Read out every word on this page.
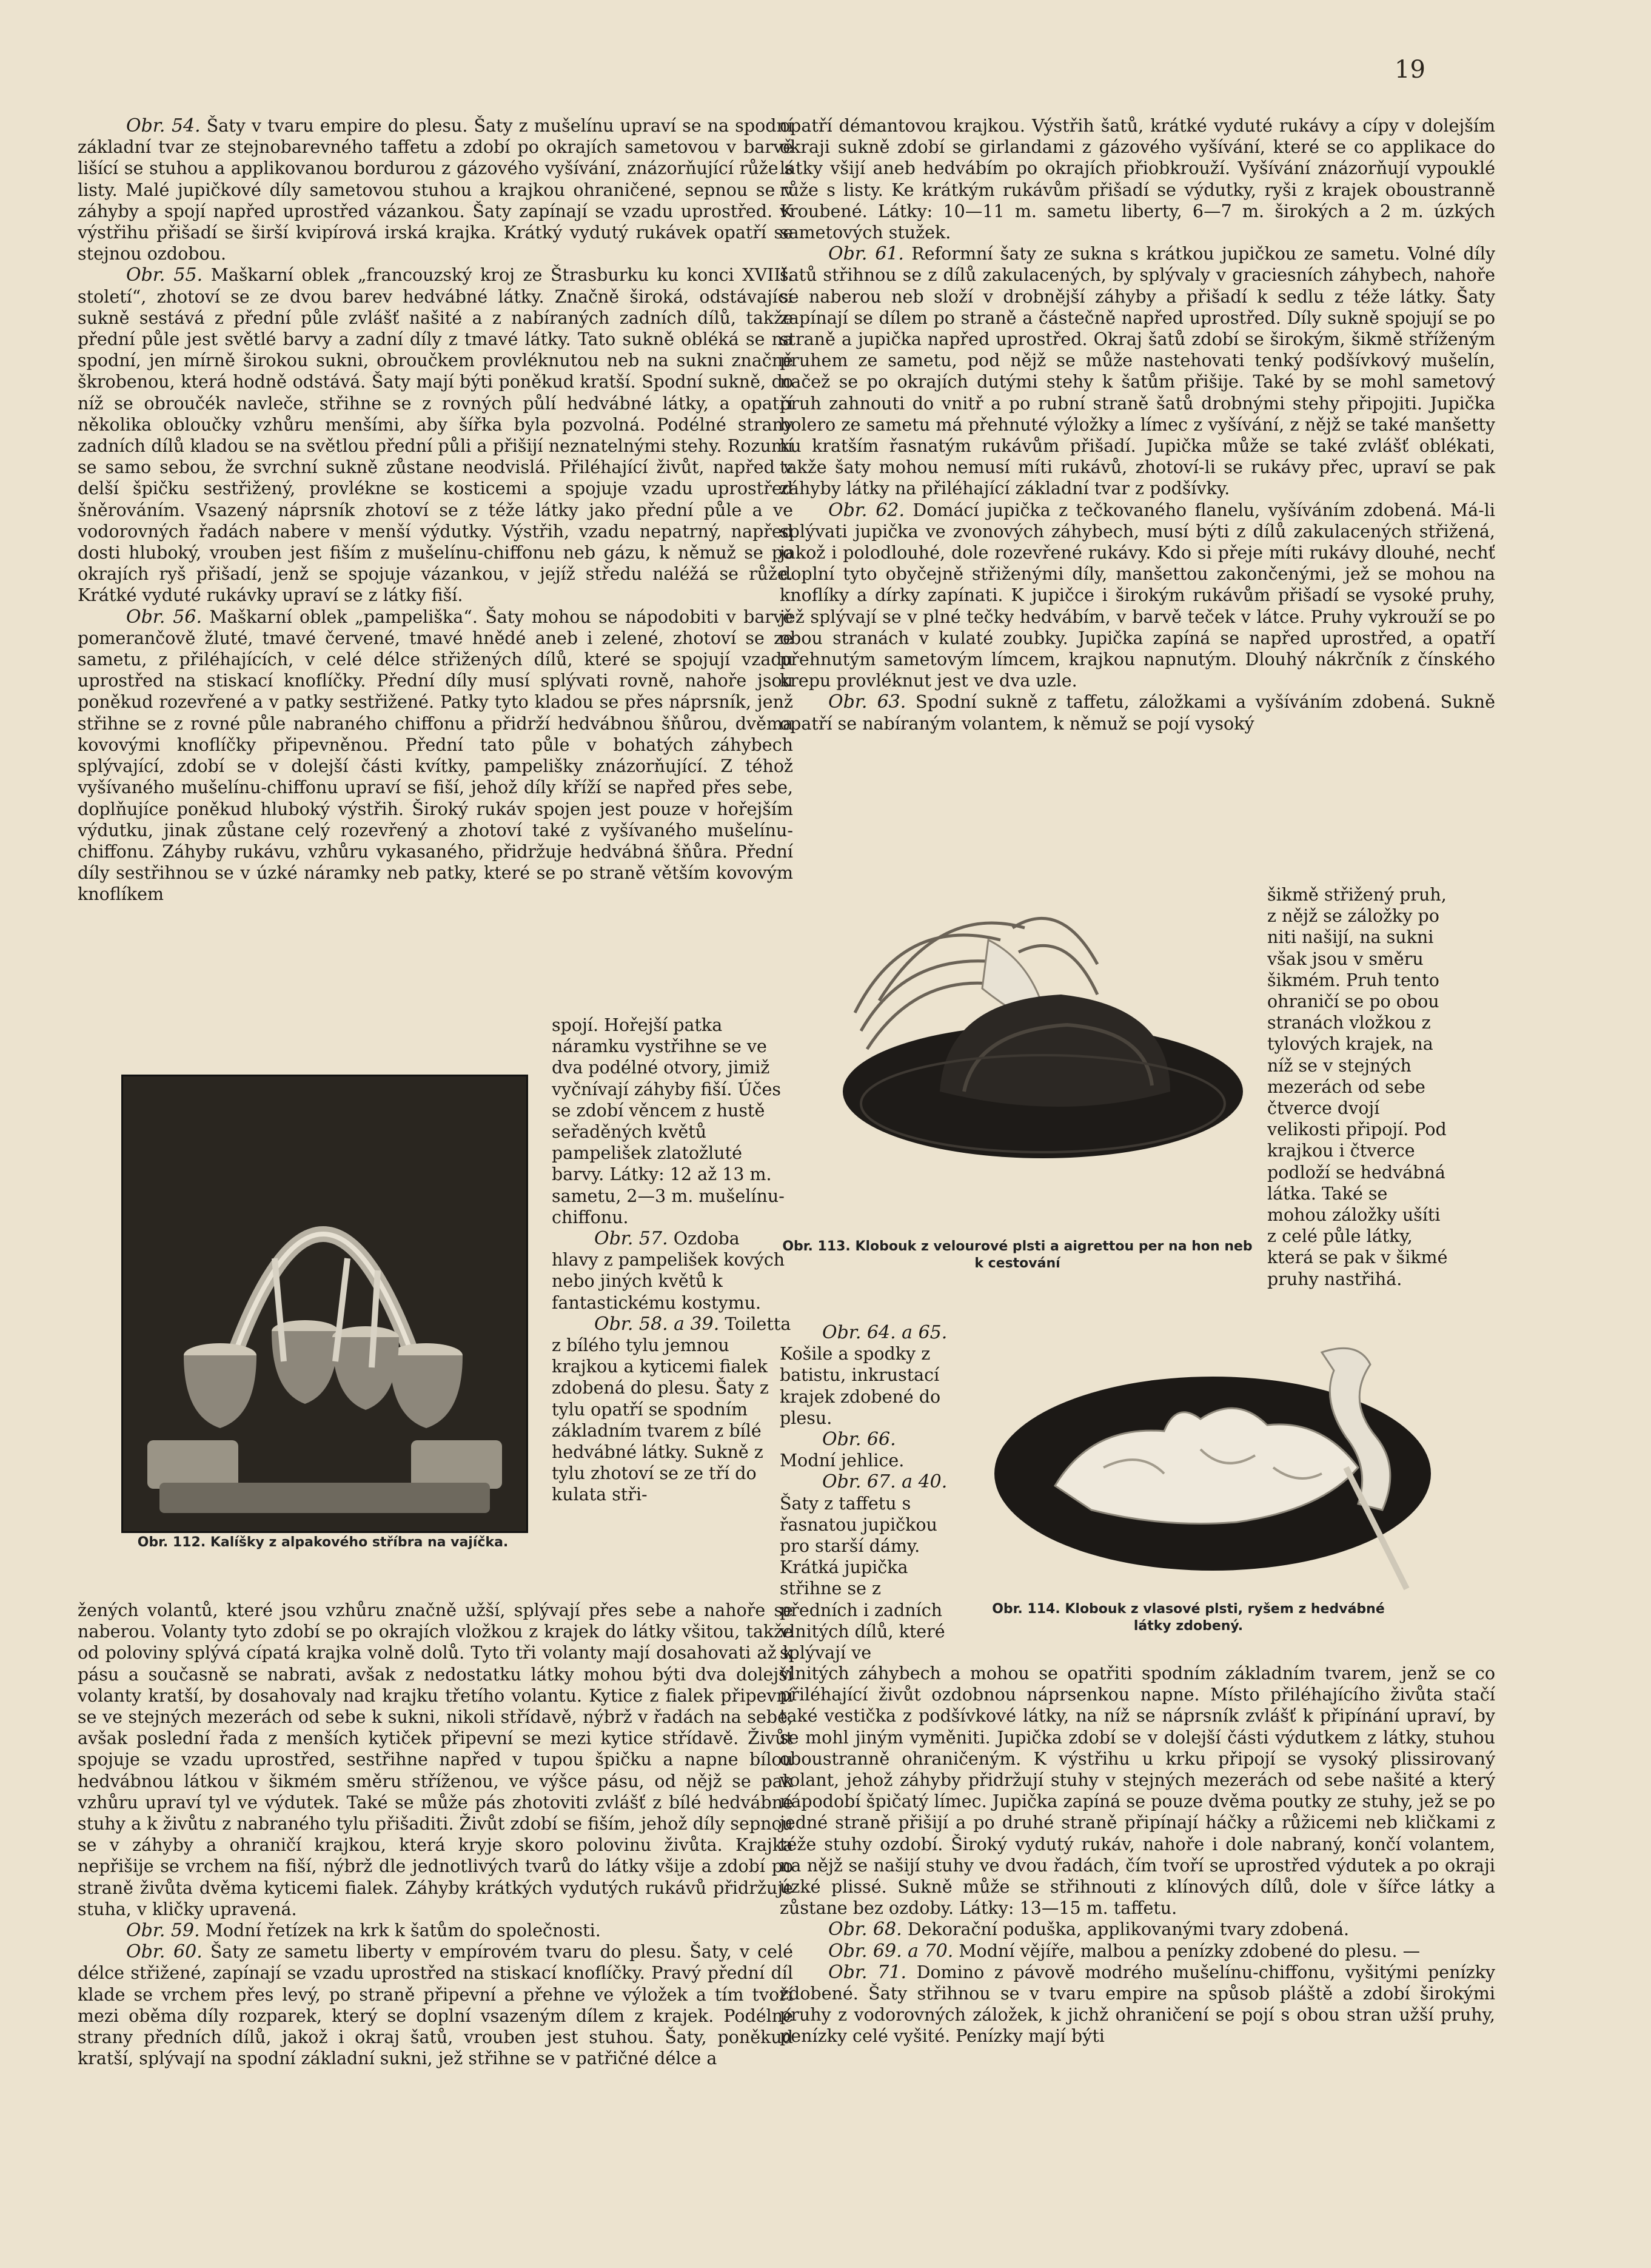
19

Obr. 54. Šaty v tvaru empire do plesu. Šaty z mušelínu upraví se na spodní základní tvar ze stejnobarevného taffetu a zdobí po okrajích sametovou v barvě lišící se stuhou a applikovanou bordurou z gázového vyšívání, znázorňující růže s listy. Malé jupičkové díly sametovou stuhou a krajkou ohraničené, sepnou se v záhyby a spojí napřed uprostřed vázankou. Šaty zapínají se vzadu uprostřed. K výstřihu přišadí se širší kvipírová irská krajka. Krátký vydutý rukávek opatří se stejnou ozdobou.

Obr. 55. Maškarní oblek „francouzský kroj ze Štrasburku ku konci XVIII. století“, zhotoví se ze dvou barev hedvábné látky. Značně široká, odstávající sukně sestává z přední půle zvlášť našité a z nabíraných zadních dílů, takže přední půle jest světlé barvy a zadní díly z tmavé látky. Tato sukně obléká se na spodní, jen mírně širokou sukni, obroučkem provléknutou neb na sukni značně škrobenou, která hodně odstává. Šaty mají býti poněkud kratší. Spodní sukně, do níž se obroučék navleče, střihne se z rovných půlí hedvábné látky, a opatří několika obloučky vzhůru menšími, aby šířka byla pozvolná. Podélné strany zadních dílů kladou se na světlou přední půli a přišijí neznatelnými stehy. Rozumí se samo sebou, že svrchní sukně zůstane neodvislá. Přiléhající živůt, napřed v delší špičku sestřižený, provlékne se kosticemi a spojuje vzadu uprostřed šněrováním. Vsazený náprsník zhotoví se z téže látky jako přední půle a ve vodorovných řadách nabere v menší výdutky. Výstřih, vzadu nepatrný, napřed dosti hluboký, vrouben jest fiším z mušelínu-chiffonu neb gázu, k němuž se po okrajích ryš přišadí, jenž se spojuje vázankou, v jejíž středu naléžá se růže. Krátké vyduté rukávky upraví se z látky fiší.

Obr. 56. Maškarní oblek „pampeliška“. Šaty mohou se nápodobiti v barvě pomerančově žluté, tmavé červené, tmavé hnědé aneb i zelené, zhotoví se ze sametu, z přiléhajících, v celé délce střižených dílů, které se spojují vzadu uprostřed na stiskací knoflíčky. Přední díly musí splývati rovně, nahoře jsou poněkud rozevřené a v patky sestřižené. Patky tyto kladou se přes náprsník, jenž střihne se z rovné půle nabraného chiffonu a přidrží hedvábnou šňůrou, dvěma kovovými knoflíčky připevněnou. Přední tato půle v bohatých záhybech splývající, zdobí se v dolejší části kvítky, pampelišky znázorňující. Z téhož vyšívaného mušelínu-chiffonu upraví se fiší, jehož díly kříží se napřed přes sebe, doplňujíce poněkud hluboký výstřih. Široký rukáv spojen jest pouze v hořejším výdutku, jinak zůstane celý rozevřený a zhotoví také z vyšívaného mušelínu-chiffonu. Záhyby rukávu, vzhůru vykasaného, přidržuje hedvábná šňůra. Přední díly sestřihnou se v úzké náramky neb patky, které se po straně větším kovovým knoflíkem

Obr. 112. Kalíšky z alpakového stříbra na vajíčka.

spojí. Hořejší patka náramku vystřihne se ve dva podélné otvory, jimiž vyčnívají záhyby fiší. Účes se zdobí věncem z hustě seřaděných květů pampelišek zlatožluté barvy. Látky: 12 až 13 m. sametu, 2—3 m. mušelínu-chiffonu.

Obr. 57. Ozdoba hlavy z pampelišek kových nebo jiných květů k fantastickému kostymu.

Obr. 58. a 39. Toiletta z bílého tylu jemnou krajkou a kyticemi fialek zdobená do plesu. Šaty z tylu opatří se spodním základním tvarem z bílé hedvábné látky. Sukně z tylu zhotoví se ze tří do kulata stři-

žených volantů, které jsou vzhůru značně užší, splývají přes sebe a nahoře se naberou. Volanty tyto zdobí se po okrajích vložkou z krajek do látky všitou, takže od poloviny splývá cípatá krajka volně dolů. Tyto tři volanty mají dosahovati až k pásu a současně se nabrati, avšak z nedostatku látky mohou býti dva dolejší volanty kratší, by dosahovaly nad krajku třetího volantu. Kytice z fialek připevní se ve stejných mezerách od sebe k sukni, nikoli střídavě, nýbrž v řadách na sebe, avšak poslední řada z menších kytiček připevní se mezi kytice střídavě. Živůt spojuje se vzadu uprostřed, sestřihne napřed v tupou špičku a napne bílou hedvábnou látkou v šikmém směru stříženou, ve výšce pásu, od nějž se pak vzhůru upraví tyl ve výdutek. Také se může pás zhotoviti zvlášť z bílé hedvábné stuhy a k živůtu z nabraného tylu přišaditi. Živůt zdobí se fiším, jehož díly sepnou se v záhyby a ohraničí krajkou, která kryje skoro polovinu živůta. Krajka nepřišije se vrchem na fiší, nýbrž dle jednotlivých tvarů do látky všije a zdobí po straně živůta dvěma kyticemi fialek. Záhyby krátkých vydutých rukávů přidržuje stuha, v kličky upravená.

Obr. 59. Modní řetízek na krk k šatům do společnosti.

Obr. 60. Šaty ze sametu liberty v empírovém tvaru do plesu. Šaty, v celé délce střižené, zapínají se vzadu uprostřed na stiskací knoflíčky. Pravý přední díl klade se vrchem přes levý, po straně připevní a přehne ve výložek a tím tvoří mezi oběma díly rozparek, který se doplní vsazeným dílem z krajek. Podélné strany předních dílů, jakož i okraj šatů, vrouben jest stuhou. Šaty, poněkud kratší, splývají na spodní základní sukni, jež střihne se v patřičné délce a

opatří démantovou krajkou. Výstřih šatů, krátké vyduté rukávy a cípy v dolejším okraji sukně zdobí se girlandami z gázového vyšívání, které se co applikace do látky všijí aneb hedvábím po okrajích přiobkrouží. Vyšívání znázorňují vypouklé růže s listy. Ke krátkým rukávům přišadí se výdutky, ryši z krajek oboustranně vroubené. Látky: 10—11 m. sametu liberty, 6—7 m. širokých a 2 m. úzkých sametových stužek.

Obr. 61. Reformní šaty ze sukna s krátkou jupičkou ze sametu. Volné díly šatů střihnou se z dílů zakulacených, by splývaly v graciesních záhybech, nahoře se naberou neb složí v drobnější záhyby a přišadí k sedlu z téže látky. Šaty zapínají se dílem po straně a částečně napřed uprostřed. Díly sukně spojují se po straně a jupička napřed uprostřed. Okraj šatů zdobí se širokým, šikmě stříženým pruhem ze sametu, pod nějž se může nastehovati tenký podšívkový mušelín, načež se po okrajích dutými stehy k šatům přišije. Také by se mohl sametový pruh zahnouti do vnitř a po rubní straně šatů drobnými stehy připojiti. Jupička bolero ze sametu má přehnuté výložky a límec z vyšívání, z nějž se také manšetty ku kratším řasnatým rukávům přišadí. Jupička může se také zvlášť oblékati, takže šaty mohou nemusí míti rukávů, zhotoví-li se rukávy přec, upraví se pak záhyby látky na přiléhající základní tvar z podšívky.

Obr. 62. Domácí jupička z tečkovaného flanelu, vyšíváním zdobená. Má-li splývati jupička ve zvonových záhybech, musí býti z dílů zakulacených střižená, jakož i polodlouhé, dole rozevřené rukávy. Kdo si přeje míti rukávy dlouhé, nechť doplní tyto obyčejně střiženými díly, manšettou zakončenými, jež se mohou na knoflíky a dírky zapínati. K jupičce i širokým rukávům přišadí se vysoké pruhy, jež splývají se v plné tečky hedvábím, v barvě teček v látce. Pruhy vykrouží se po obou stranách v kulaté zoubky. Jupička zapíná se napřed uprostřed, a opatří přehnutým sametovým límcem, krajkou napnutým. Dlouhý nákrčník z čínského krepu provléknut jest ve dva uzle.

Obr. 63. Spodní sukně z taffetu, záložkami a vyšíváním zdobená. Sukně opatří se nabíraným volantem, k němuž se pojí vysoký

Obr. 113. Klobouk z velourové plsti a aigrettou per na hon neb k cestování

šikmě střižený pruh, z nějž se záložky po niti našijí, na sukni však jsou v směru šikmém. Pruh tento ohraničí se po obou stranách vložkou z tylových krajek, na níž se v stejných mezerách od sebe čtverce dvojí velikosti připojí. Pod krajkou i čtverce podloží se hedvábná látka. Také se mohou záložky ušíti z celé půle látky, která se pak v šikmé pruhy nastřihá.

Obr. 64. a 65. Košile a spodky z batistu, inkrustací krajek zdobené do plesu.

Obr. 66. Modní jehlice.

Obr. 67. a 40. Šaty z taffetu s řasnatou jupičkou pro starší dámy. Krátká jupička střihne se z předních i zadních vlnitých dílů, které splývají ve

Obr. 114. Klobouk z vlasové plsti, ryšem z hedvábné látky zdobený.

vlnitých záhybech a mohou se opatřiti spodním základním tvarem, jenž se co přiléhající živůt ozdobnou náprsenkou napne. Místo přiléhajícího živůta stačí také vestička z podšívkové látky, na níž se náprsník zvlášť k připínání upraví, by se mohl jiným vyměniti. Jupička zdobí se v dolejší části výdutkem z látky, stuhou oboustranně ohraničeným. K výstřihu u krku připojí se vysoký plissirovaný volant, jehož záhyby přidržují stuhy v stejných mezerách od sebe našité a který nápodobí špičatý límec. Jupička zapíná se pouze dvěma poutky ze stuhy, jež se po jedné straně přišijí a po druhé straně připínají háčky a růžicemi neb kličkami z téže stuhy ozdobí. Široký vydutý rukáv, nahoře i dole nabraný, končí volantem, na nějž se našijí stuhy ve dvou řadách, čím tvoří se uprostřed výdutek a po okraji úzké plissé. Sukně může se střihnouti z klínových dílů, dole v šířce látky a zůstane bez ozdoby. Látky: 13—15 m. taffetu.

Obr. 68. Dekorační poduška, applikovanými tvary zdobená.

Obr. 69. a 70. Modní vějíře, malbou a penízky zdobené do plesu. —

Obr. 71. Domino z pávově modrého mušelínu-chiffonu, vyšitými penízky zdobené. Šaty střihnou se v tvaru empire na spůsob pláště a zdobí širokými pruhy z vodorovných záložek, k jichž ohraničení se pojí s obou stran užší pruhy, penízky celé vyšité. Penízky mají býti
